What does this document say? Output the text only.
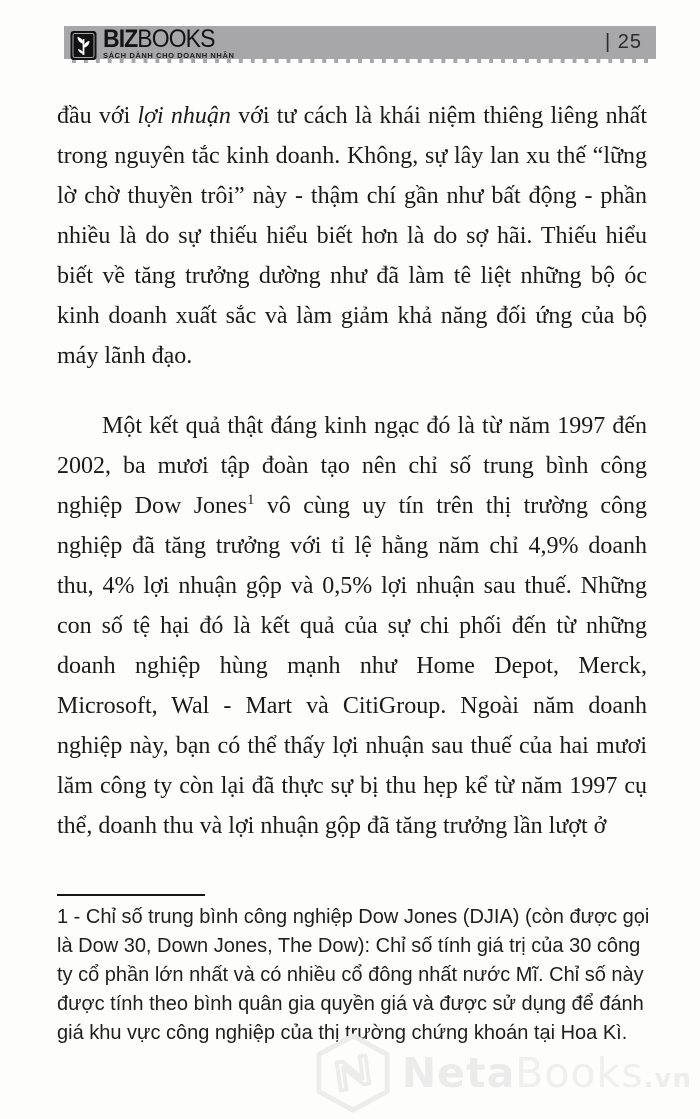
BIZBOOKS
SÁCH DÀNH CHO DOANH NHÂN
| 25

đầu với lợi nhuận với tư cách là khái niệm thiêng liêng nhất trong nguyên tắc kinh doanh. Không, sự lây lan xu thế “lững lờ chờ thuyền trôi” này - thậm chí gần như bất động - phần nhiều là do sự thiếu hiểu biết hơn là do sợ hãi. Thiếu hiểu biết về tăng trưởng dường như đã làm tê liệt những bộ óc kinh doanh xuất sắc và làm giảm khả năng đối ứng của bộ máy lãnh đạo.

Một kết quả thật đáng kinh ngạc đó là từ năm 1997 đến 2002, ba mươi tập đoàn tạo nên chỉ số trung bình công nghiệp Dow Jones$^1$ vô cùng uy tín trên thị trường công nghiệp đã tăng trưởng với tỉ lệ hằng năm chỉ 4,9% doanh thu, 4% lợi nhuận gộp và 0,5% lợi nhuận sau thuế. Những con số tệ hại đó là kết quả của sự chi phối đến từ những doanh nghiệp hùng mạnh như Home Depot, Merck, Microsoft, Wal - Mart và CitiGroup. Ngoài năm doanh nghiệp này, bạn có thể thấy lợi nhuận sau thuế của hai mươi lăm công ty còn lại đã thực sự bị thu hẹp kể từ năm 1997 cụ thể, doanh thu và lợi nhuận gộp đã tăng trưởng lần lượt ở

1 - Chỉ số trung bình công nghiệp Dow Jones (DJIA) (còn được gọi là Dow 30, Down Jones, The Dow): Chỉ số tính giá trị của 30 công ty cổ phần lớn nhất và có nhiều cổ đông nhất nước Mĩ. Chỉ số này được tính theo bình quân gia quyền giá và được sử dụng để đánh giá khu vực công nghiệp của thị trường chứng khoán tại Hoa Kì.

NetaBooks.vn
